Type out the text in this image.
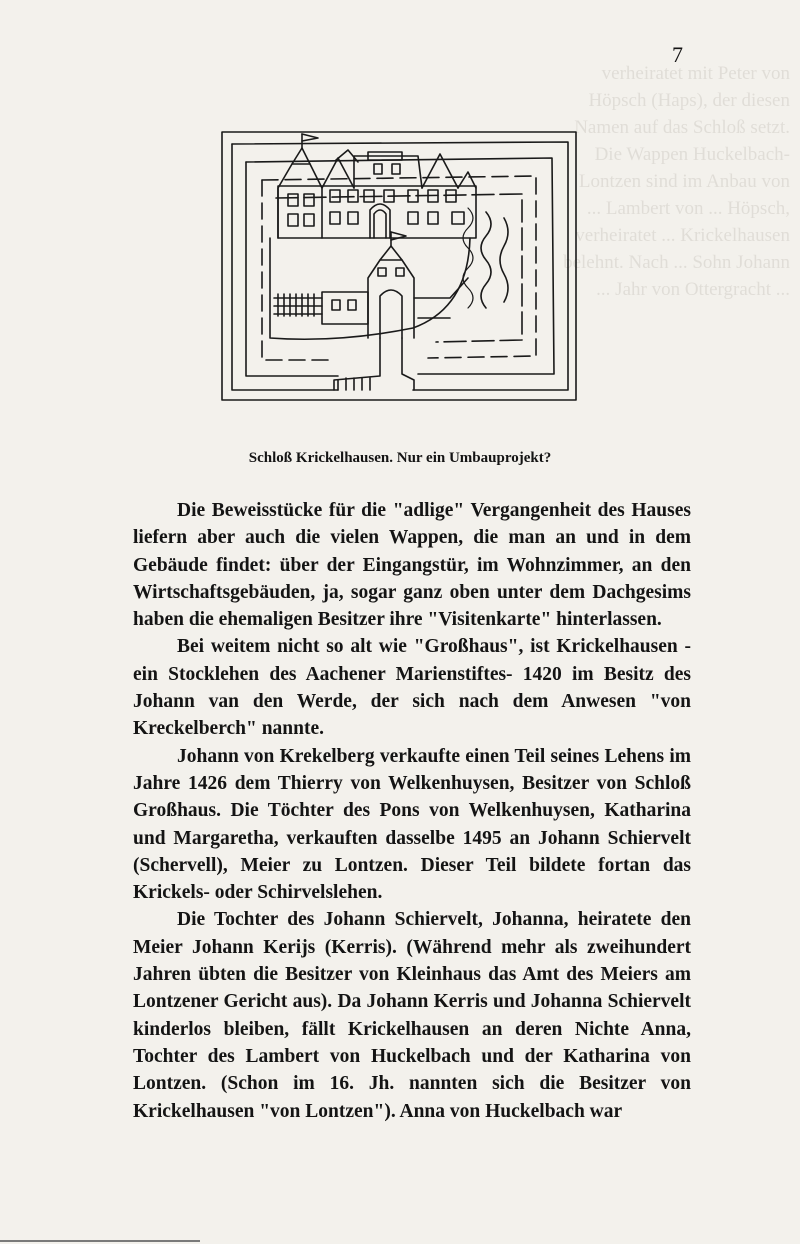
verheiratet mit Peter von Höpsch (Haps), der diesen Namen auf das Schloß setzt. Die Wappen Huckelbach-Lontzen sind im Anbau von ... Lambert von ... Höpsch, verheiratet ... Krickelhausen belehnt. Nach ... Sohn Johann ... Jahr von Ottergracht ...
7
Schloß Krickelhausen. Nur ein Umbauprojekt?

Die Beweisstücke für die "adlige" Vergangenheit des Hauses liefern aber auch die vielen Wappen, die man an und in dem Gebäude findet: über der Eingangstür, im Wohnzimmer, an den Wirtschaftsgebäuden, ja, sogar ganz oben unter dem Dachgesims haben die ehemaligen Besitzer ihre "Visitenkarte" hinterlassen.

Bei weitem nicht so alt wie "Großhaus", ist Krickelhausen -ein Stocklehen des Aachener Marienstiftes- 1420 im Besitz des Johann van den Werde, der sich nach dem Anwesen "von Kreckelberch" nannte.

Johann von Krekelberg verkaufte einen Teil seines Lehens im Jahre 1426 dem Thierry von Welkenhuysen, Besitzer von Schloß Großhaus. Die Töchter des Pons von Welkenhuysen, Katharina und Margaretha, verkauften dasselbe 1495 an Johann Schiervelt (Schervell), Meier zu Lontzen. Dieser Teil bildete fortan das Krickels- oder Schirvelslehen.

Die Tochter des Johann Schiervelt, Johanna, heiratete den Meier Johann Kerijs (Kerris). (Während mehr als zweihundert Jahren übten die Besitzer von Kleinhaus das Amt des Meiers am Lontzener Gericht aus). Da Johann Kerris und Johanna Schiervelt kinderlos bleiben, fällt Krickelhausen an deren Nichte Anna, Tochter des Lambert von Huckelbach und der Katharina von Lontzen. (Schon im 16. Jh. nannten sich die Besitzer von Krickelhausen "von Lontzen"). Anna von Huckelbach war
